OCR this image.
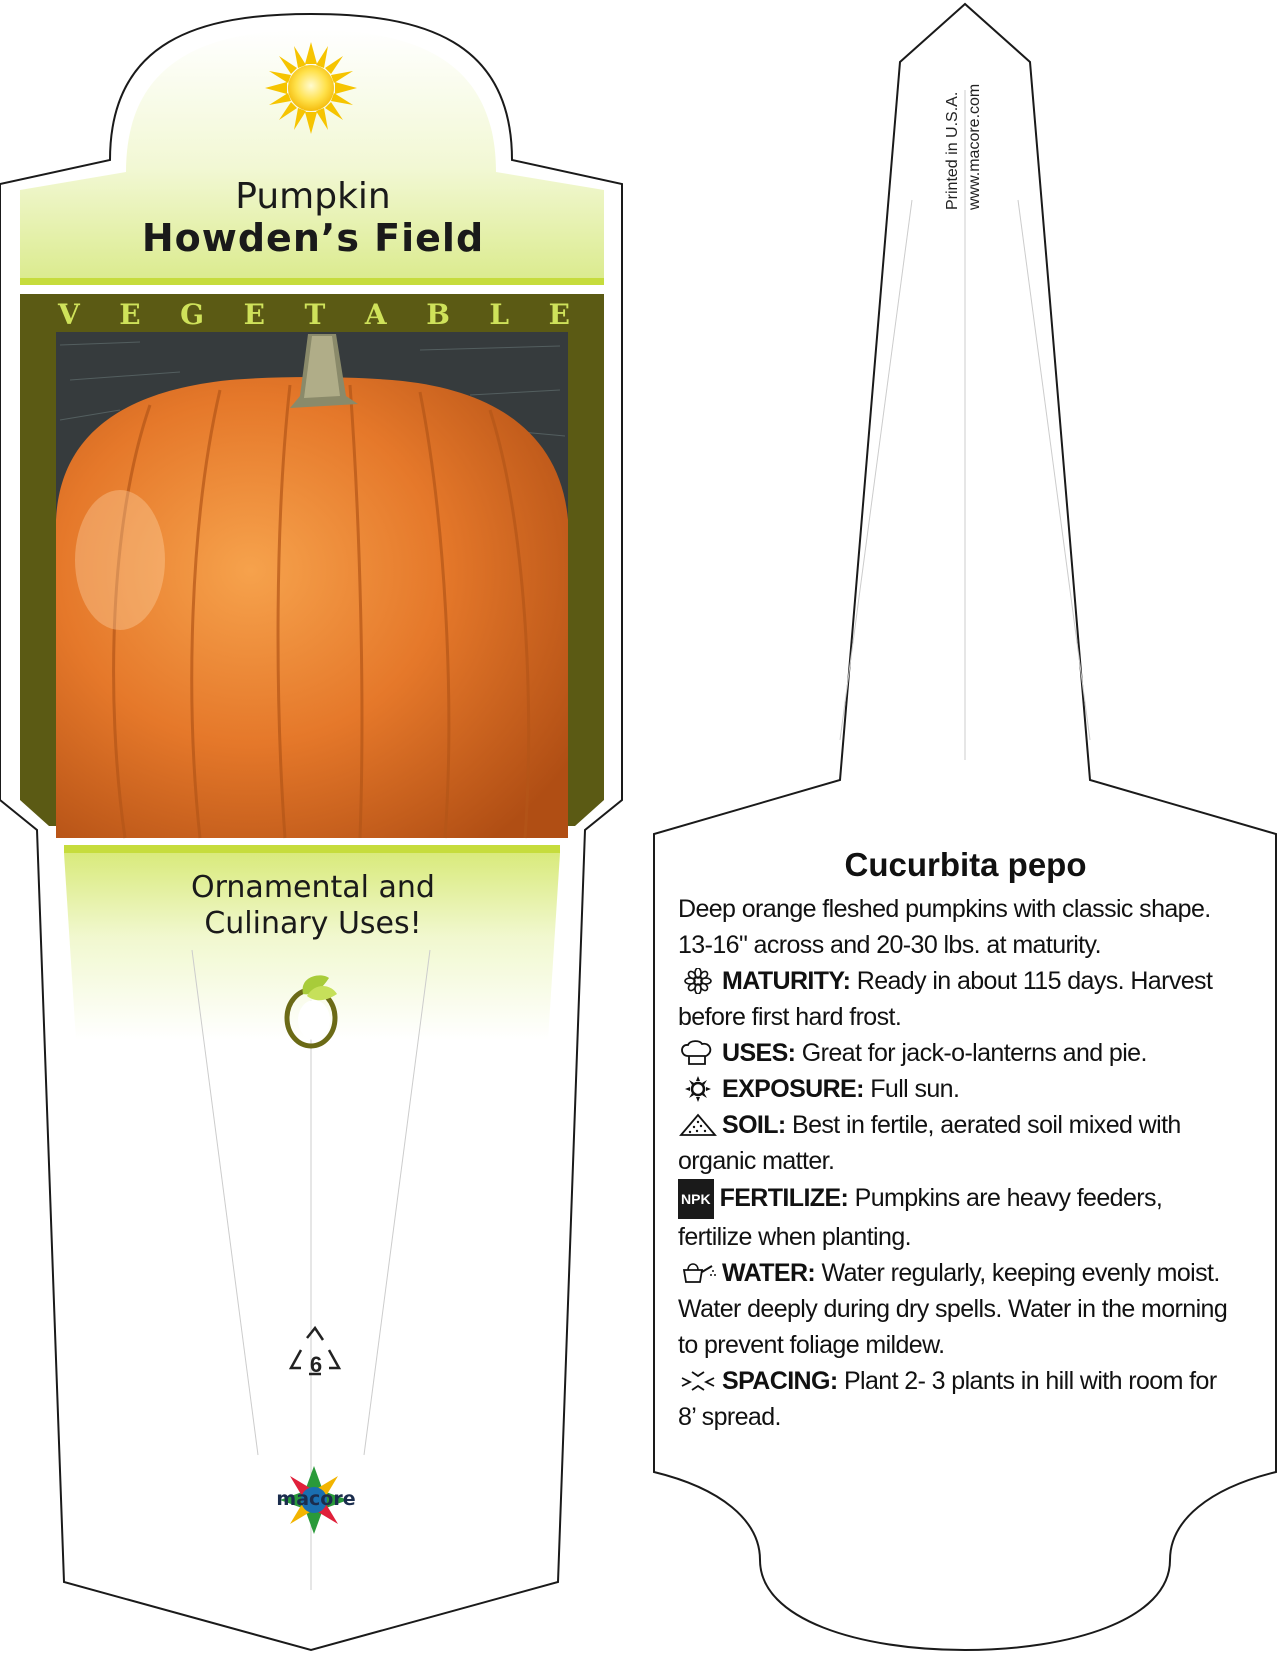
Pumpkin
Howden’s Field
V E G E T A B L E
Ornamental and
Culinary Uses!
6
macore
Printed in U.S.A. www.macore.com
Cucurbita pepo

Deep orange fleshed pumpkins with classic shape. 13-16" across and 20-30 lbs. at maturity.

MATURITY: Ready in about 115 days. Harvest before first hard frost.

USES: Great for jack-o-lanterns and pie.

EXPOSURE: Full sun.

SOIL: Best in fertile, aerated soil mixed with organic matter.

NPK FERTILIZE: Pumpkins are heavy feeders, fertilize when planting.

WATER: Water regularly, keeping evenly moist. Water deeply during dry spells. Water in the morning to prevent foliage mildew.

SPACING: Plant 2- 3 plants in hill with room for 8’ spread.
